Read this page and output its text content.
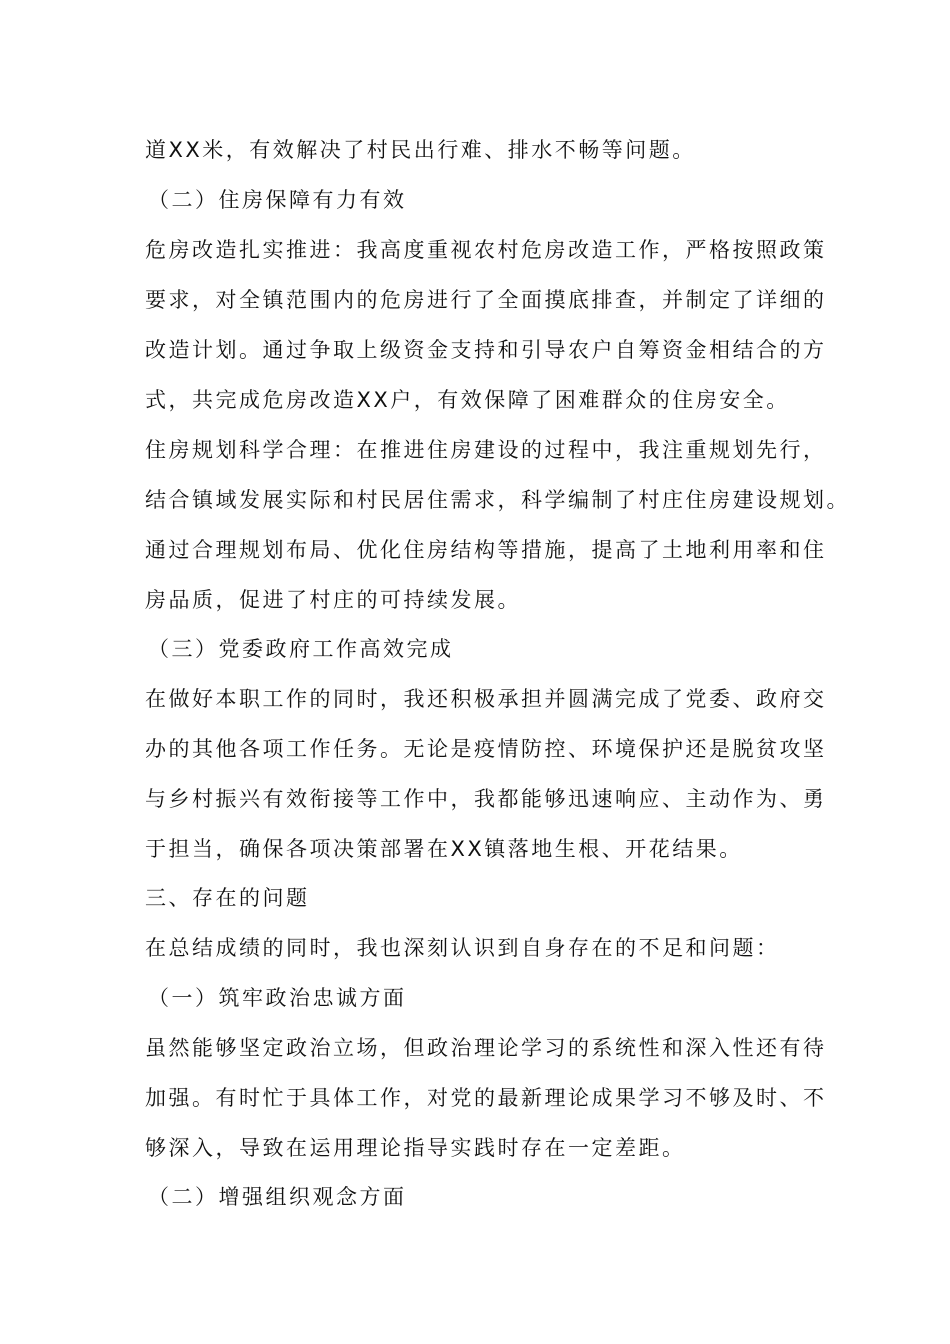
道XX米，有效解决了村民出行难、排水不畅等问题。
（二）住房保障有力有效
危房改造扎实推进：我高度重视农村危房改造工作，严格按照政策
要求，对全镇范围内的危房进行了全面摸底排查，并制定了详细的
改造计划。通过争取上级资金支持和引导农户自筹资金相结合的方
式，共完成危房改造XX户，有效保障了困难群众的住房安全。
住房规划科学合理：在推进住房建设的过程中，我注重规划先行，
结合镇域发展实际和村民居住需求，科学编制了村庄住房建设规划。
通过合理规划布局、优化住房结构等措施，提高了土地利用率和住
房品质，促进了村庄的可持续发展。
（三）党委政府工作高效完成
在做好本职工作的同时，我还积极承担并圆满完成了党委、政府交
办的其他各项工作任务。无论是疫情防控、环境保护还是脱贫攻坚
与乡村振兴有效衔接等工作中，我都能够迅速响应、主动作为、勇
于担当，确保各项决策部署在XX镇落地生根、开花结果。
三、存在的问题
在总结成绩的同时，我也深刻认识到自身存在的不足和问题：
（一）筑牢政治忠诚方面
虽然能够坚定政治立场，但政治理论学习的系统性和深入性还有待
加强。有时忙于具体工作，对党的最新理论成果学习不够及时、不
够深入，导致在运用理论指导实践时存在一定差距。
（二）增强组织观念方面
